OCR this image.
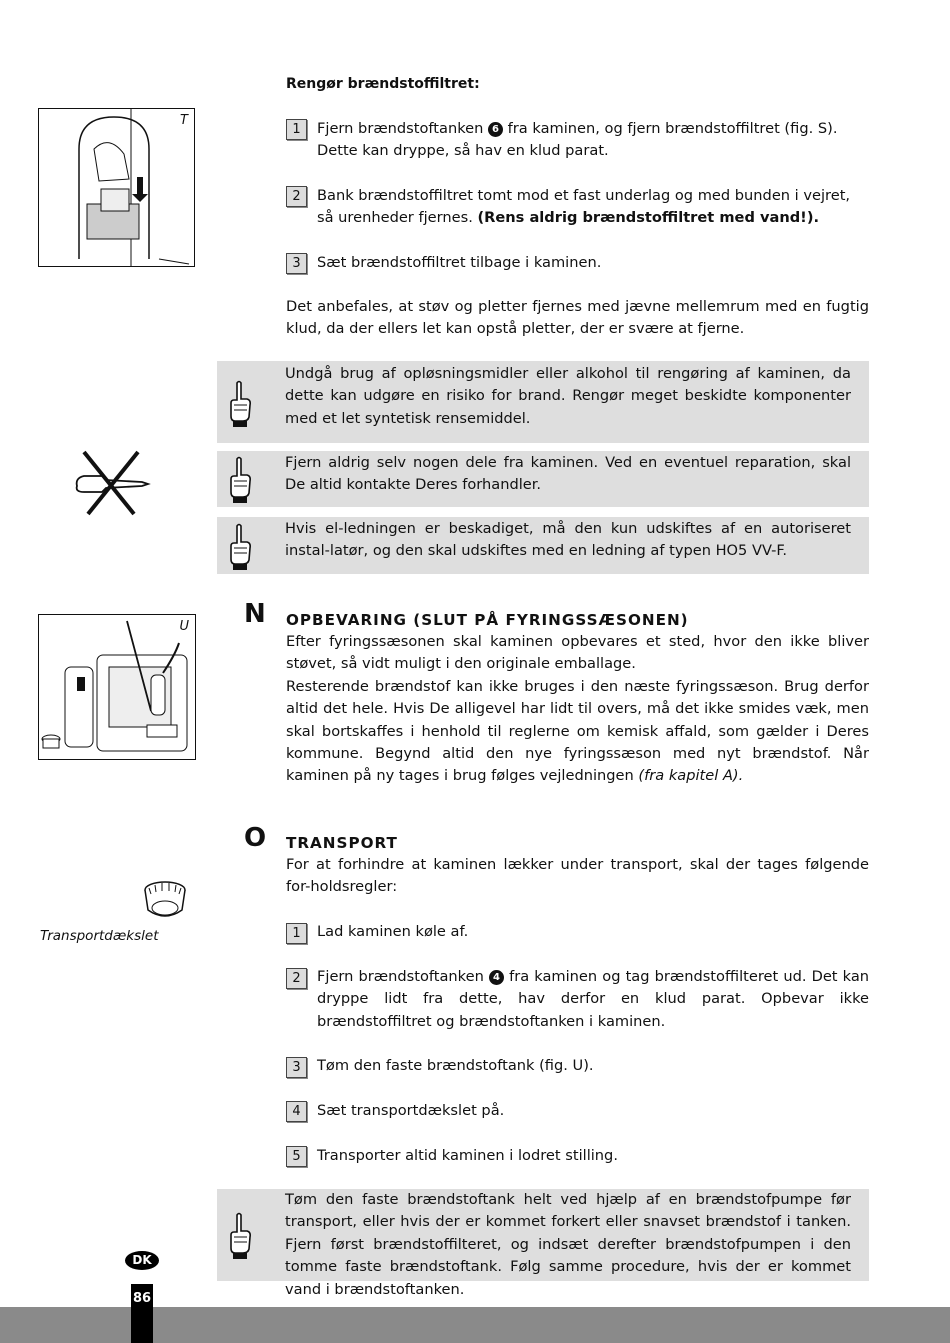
Rengør brændstoffiltret:
T
1	Fjern brændstoftanken 6 fra kaminen, og fjern brændstoffiltret (fig. S).
Dette kan dryppe, så hav en klud parat.
2	Bank brændstoffiltret tomt mod et fast underlag og med bunden i vejret,
så urenheder fjernes. (Rens aldrig brændstoffiltret med vand!).
3	Sæt brændstoffiltret tilbage i kaminen.
Det anbefales, at støv og pletter fjernes med jævne mellemrum med en fugtig klud, da der ellers let kan opstå pletter, der er svære at fjerne.
Undgå brug af opløsningsmidler eller alkohol til rengøring af kaminen, da dette kan udgøre en risiko for brand. Rengør meget beskidte komponenter med et let syntetisk rensemiddel.
Fjern aldrig selv nogen dele fra kaminen. Ved en eventuel reparation, skal De altid kontakte Deres forhandler.
Hvis el-ledningen er beskadiget, må den kun udskiftes af en autoriseret instal-latør, og den skal udskiftes med en ledning af typen HO5 VV-F.
U N OPBEVARING (SLUT PÅ FYRINGSSÆSONEN)
Efter fyringssæsonen skal kaminen opbevares et sted, hvor den ikke bliver støvet, så vidt muligt i den originale emballage.
Resterende brændstof kan ikke bruges i den næste fyringssæson. Brug derfor altid det hele. Hvis De alligevel har lidt til overs, må det ikke smides væk, men skal bortskaffes i henhold til reglerne om kemisk affald, som gælder i Deres kommune. Begynd altid den nye fyringssæson med nyt brændstof. Når kaminen på ny tages i brug følges vejledningen (fra kapitel A).
O TRANSPORT
For at forhindre at kaminen lækker under transport, skal der tages følgende for-holdsregler:
Transportdækslet	1	Lad kaminen køle af.
2	Fjern brændstoftanken 4 fra kaminen og tag brændstoffilteret ud. Det kan dryppe lidt fra dette, hav derfor en klud parat. Opbevar ikke brændstoffiltret og brændstoftanken i kaminen.
3	Tøm den faste brændstoftank (fig. U).
4	Sæt transportdækslet på.
5	Transporter altid kaminen i lodret stilling.
Tøm den faste brændstoftank helt ved hjælp af en brændstofpumpe før transport, eller hvis der er kommet forkert eller snavset brændstof i tanken. Fjern først brændstoffilteret, og indsæt derefter brændstofpumpen i den tomme faste brændstoftank. Følg samme procedure, hvis der er kommet vand i brændstoftanken.
DK
86
